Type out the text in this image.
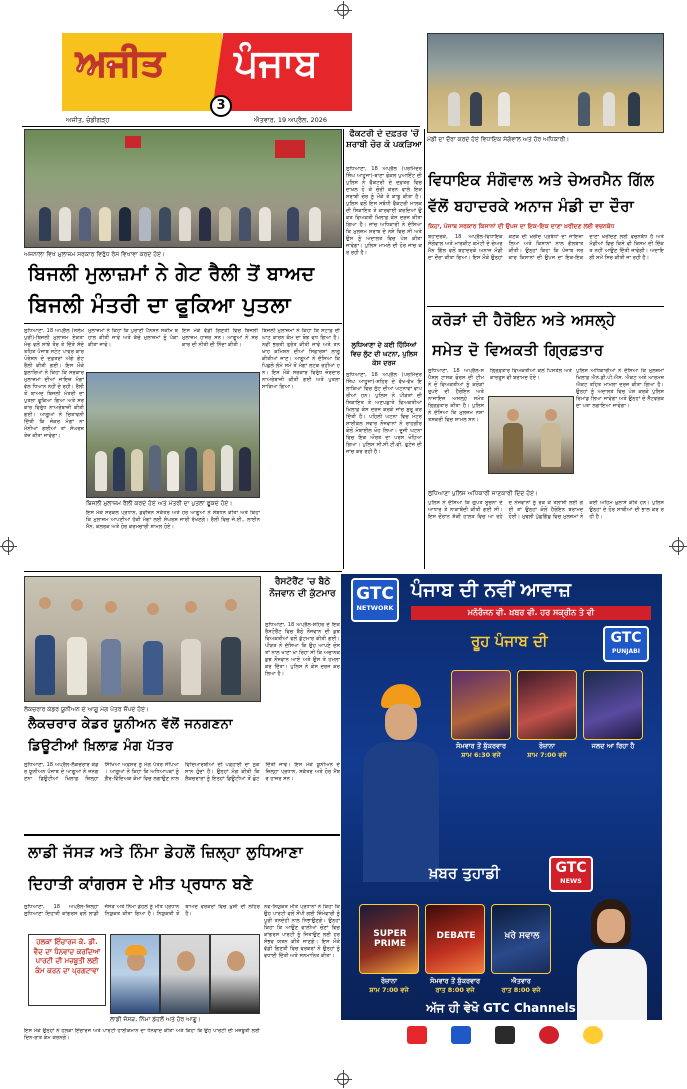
ਅਜੀਤ ਪੰਜਾਬ
3
ਅਜੀਤ, ਚੰਡੀਗੜ੍ਹ	ਐਤਵਾਰ, 19 ਅਪ੍ਰੈਲ, 2026
ਮੰਡੀ ਦਾ ਦੌਰਾ ਕਰਦੇ ਹੋਏ ਵਿਧਾਇਕ ਸੰਗੋਵਾਲ ਅਤੇ ਹੋਰ ਅਧਿਕਾਰੀ।
ਅਜਨਾਲਾ ਵਿਖੇ ਮੁਲਾਜ਼ਮ ਸਰਕਾਰ ਵਿਰੁੱਧ ਰੋਸ ਵਿਖਾਵਾ ਕਰਦੇ ਹੋਏ।
ਫੈਕਟਰੀ ਦੇ ਦਫ਼ਤਰ 'ਚੋਂ ਸ਼ਰਾਬੀ ਚੋਰ ਕੋ ਪਕੜਿਆ
ਲੁਧਿਆਣਾ, 18 ਅਪ੍ਰੈਲ (ਪਰਮਿੰਦਰ ਸਿੰਘ ਆਹੂਜਾ)-ਥਾਣਾ ਫੋਕਲ ਪੁਆਇੰਟ ਦੀ ਪੁਲਿਸ ਨੇ ਫੈਕਟਰੀ ਦੇ ਦਫ਼ਤਰ ਵਿਚ ਦਾਖ਼ਲ ਹੋ ਕੇ ਚੋਰੀ ਕਰਨ ਵਾਲੇ ਇਕ ਸ਼ਰਾਬੀ ਚੋਰ ਨੂੰ ਮੌਕੇ ਤੇ ਕਾਬੂ ਕੀਤਾ ਹੈ। ਪੁਲਿਸ ਵਲੋਂ ਇਸ ਸਬੰਧੀ ਫੈਕਟਰੀ ਮਾਲਕ ਦੀ ਸ਼ਿਕਾਇਤ ਤੇ ਕਾਰਵਾਈ ਕਰਦਿਆਂ ਉਕਤ ਵਿਅਕਤੀ ਖ਼ਿਲਾਫ਼ ਕੇਸ ਦਰਜ ਕੀਤਾ ਗਿਆ ਹੈ। ਜਾਂਚ ਅਧਿਕਾਰੀ ਨੇ ਦੱਸਿਆ ਕਿ ਮੁਲਜ਼ਮ ਸ਼ਰਾਬ ਦੇ ਨਸ਼ੇ ਵਿਚ ਸੀ ਅਤੇ ਉਸ ਨੂੰ ਅਦਾਲਤ ਵਿਚ ਪੇਸ਼ ਕੀਤਾ ਜਾਵੇਗਾ। ਪੁਲਿਸ ਮਾਮਲੇ ਦੀ ਹੋਰ ਜਾਂਚ ਕਰ ਰਹੀ ਹੈ।
ਲੁਧਿਆਣਾ ਦੇ ਕਈ ਹਿੱਸਿਆਂ ਵਿਚ ਲੁੱਟ ਦੀ ਘਟਨਾ, ਪੁਲਿਸ ਕੇਸ ਦਰਜ
ਲੁਧਿਆਣਾ, 18 ਅਪ੍ਰੈਲ (ਪਰਮਿੰਦਰ ਸਿੰਘ ਆਹੂਜਾ)-ਸ਼ਹਿਰ ਦੇ ਵੱਖ-ਵੱਖ ਇਲਾਕਿਆਂ ਵਿਚ ਲੁੱਟ ਦੀਆਂ ਘਟਨਾਵਾਂ ਵਾਪਰੀਆਂ ਹਨ। ਪੁਲਿਸ ਨੇ ਪੀੜਤਾਂ ਦੀ ਸ਼ਿਕਾਇਤ ਤੇ ਅਣਪਛਾਤੇ ਵਿਅਕਤੀਆਂ ਖ਼ਿਲਾਫ਼ ਕੇਸ ਦਰਜ ਕਰਕੇ ਜਾਂਚ ਸ਼ੁਰੂ ਕਰ ਦਿੱਤੀ ਹੈ। ਪਹਿਲੀ ਘਟਨਾ ਵਿਚ ਮੋਟਰਸਾਈਕਲ ਸਵਾਰ ਨੌਜਵਾਨਾਂ ਨੇ ਰਾਹਗੀਰ ਕੋਲੋਂ ਮੋਬਾਈਲ ਖੋਹ ਲਿਆ। ਦੂਜੀ ਘਟਨਾ ਵਿਚ ਇਕ ਔਰਤ ਦਾ ਪਰਸ ਖੋਹਿਆ ਗਿਆ। ਪੁਲਿਸ ਸੀ.ਸੀ.ਟੀ.ਵੀ. ਫੁਟੇਜ ਦੀ ਜਾਂਚ ਕਰ ਰਹੀ ਹੈ।
ਬਿਜਲੀ ਮੁਲਾਜ਼ਮਾਂ ਨੇ ਗੇਟ ਰੈਲੀ ਤੋਂ ਬਾਅਦ
ਬਿਜਲੀ ਮੰਤਰੀ ਦਾ ਫੂਕਿਆ ਪੁਤਲਾ
ਲੁਧਿਆਣਾ, 18 ਅਪ੍ਰੈਲ (ਸਲੇਮਪੁਰੀ)-ਬਿਜਲੀ ਮੁਲਾਜ਼ਮ ਏਕਤਾ ਮੰਚ ਵਲੋਂ ਸਾਂਝੇ ਤੌਰ ਤੇ ਦਿੱਤੇ ਸੱਦੇ ਤਹਿਤ ਪੰਜਾਬ ਸਟੇਟ ਪਾਵਰ ਕਾਰਪੋਰੇਸ਼ਨ ਦੇ ਦਫ਼ਤਰਾਂ ਅੱਗੇ ਗੇਟ ਰੈਲੀ ਕੀਤੀ ਗਈ। ਇਸ ਮੌਕੇ ਬੁਲਾਰਿਆਂ ਨੇ ਕਿਹਾ ਕਿ ਸਰਕਾਰ ਮੁਲਾਜ਼ਮਾਂ ਦੀਆਂ ਜਾਇਜ਼ ਮੰਗਾਂ ਵੱਲ ਧਿਆਨ ਨਹੀਂ ਦੇ ਰਹੀ। ਰੈਲੀ ਤੋਂ ਬਾਅਦ ਬਿਜਲੀ ਮੰਤਰੀ ਦਾ ਪੁਤਲਾ ਫੂਕਿਆ ਗਿਆ ਅਤੇ ਸਰਕਾਰ ਵਿਰੁੱਧ ਨਾਅਰੇਬਾਜ਼ੀ ਕੀਤੀ ਗਈ। ਆਗੂਆਂ ਨੇ ਚਿਤਾਵਨੀ ਦਿੱਤੀ ਕਿ ਜੇਕਰ ਮੰਗਾਂ ਨਾ ਮੰਨੀਆਂ ਗਈਆਂ ਤਾਂ ਸੰਘਰਸ਼ ਤੇਜ਼ ਕੀਤਾ ਜਾਵੇਗਾ।
ਮੁਲਾਜ਼ਮਾਂ ਨੇ ਕਿਹਾ ਕਿ ਪੁਰਾਣੀ ਪੈਨਸ਼ਨ ਸਕੀਮ ਬਹਾਲ ਕੀਤੀ ਜਾਵੇ ਅਤੇ ਕੱਚੇ ਮੁਲਾਜ਼ਮਾਂ ਨੂੰ ਪੱਕਾ ਕੀਤਾ ਜਾਵੇ।
ਇਸ ਮੌਕੇ ਵੱਡੀ ਗਿਣਤੀ ਵਿਚ ਬਿਜਲੀ ਮੁਲਾਜ਼ਮ ਹਾਜ਼ਰ ਸਨ। ਆਗੂਆਂ ਨੇ ਸਰਕਾਰ ਦੀ ਨੀਤੀ ਦੀ ਨਿੰਦਾ ਕੀਤੀ।
ਬਿਜਲੀ ਮੁਲਾਜ਼ਮਾਂ ਨੇ ਕਿਹਾ ਕਿ ਸਟਾਫ਼ ਦੀ ਘਾਟ ਕਾਰਨ ਕੰਮ ਦਾ ਬੋਝ ਵਧ ਗਿਆ ਹੈ। ਨਵੀਂ ਭਰਤੀ ਤੁਰੰਤ ਕੀਤੀ ਜਾਵੇ ਅਤੇ ਤਨਖ਼ਾਹ ਕਮਿਸ਼ਨ ਦੀਆਂ ਸਿਫ਼ਾਰਸ਼ਾਂ ਲਾਗੂ ਕੀਤੀਆਂ ਜਾਣ। ਆਗੂਆਂ ਨੇ ਦੱਸਿਆ ਕਿ ਪਿਛਲੇ ਲੰਮੇ ਸਮੇਂ ਤੋਂ ਮੰਗਾਂ ਲਟਕ ਰਹੀਆਂ ਹਨ। ਇਸ ਮੌਕੇ ਸਰਕਾਰ ਵਿਰੁੱਧ ਜ਼ੋਰਦਾਰ ਨਾਅਰੇਬਾਜ਼ੀ ਕੀਤੀ ਗਈ ਅਤੇ ਪੁਤਲਾ ਸਾੜਿਆ ਗਿਆ।
ਬਿਜਲੀ ਮੁਲਾਜ਼ਮ ਰੈਲੀ ਕਰਦੇ ਹੋਏ ਅਤੇ ਮੰਤਰੀ ਦਾ ਪੁਤਲਾ ਫੂਕਦੇ ਹੋਏ।
ਇਸ ਮੌਕੇ ਸਰਕਲ ਪ੍ਰਧਾਨ, ਡਵੀਜ਼ਨ ਸਕੱਤਰ ਅਤੇ ਹੋਰ ਆਗੂਆਂ ਨੇ ਸੰਬੋਧਨ ਕੀਤਾ ਅਤੇ ਕਿਹਾ ਕਿ ਮੁਲਾਜ਼ਮ ਆਪਣੀਆਂ ਹੱਕੀ ਮੰਗਾਂ ਲਈ ਸੰਘਰਸ਼ ਜਾਰੀ ਰੱਖਣਗੇ। ਰੈਲੀ ਵਿਚ ਜੇ.ਈ., ਲਾਈਨਮੈਨ, ਕਲਰਕ ਅਤੇ ਹੋਰ ਕਰਮਚਾਰੀ ਸ਼ਾਮਲ ਹੋਏ।
ਵਿਧਾਇਕ ਸੰਗੋਵਾਲ ਅਤੇ ਚੇਅਰਮੈਨ ਗਿੱਲ
ਵੱਲੋਂ ਬਹਾਦਰਕੇ ਅਨਾਜ ਮੰਡੀ ਦਾ ਦੌਰਾ
ਕਿਹਾ, ਪੰਜਾਬ ਸਰਕਾਰ ਕਿਸਾਨਾਂ ਦੀ ਉਪਜ ਦਾ ਇਕ-ਇਕ ਦਾਣਾ ਖ਼ਰੀਦਣ ਲਈ ਵਚਨਬੱਧ
ਬਹਾਦਰਕੇ, 18 ਅਪ੍ਰੈਲ-ਵਿਧਾਇਕ ਸੰਗੋਵਾਲ ਅਤੇ ਮਾਰਕੀਟ ਕਮੇਟੀ ਦੇ ਚੇਅਰਮੈਨ ਗਿੱਲ ਵਲੋਂ ਬਹਾਦਰਕੇ ਅਨਾਜ ਮੰਡੀ ਦਾ ਦੌਰਾ ਕੀਤਾ ਗਿਆ। ਇਸ ਮੌਕੇ ਉਨ੍ਹਾਂ ਕਣਕ ਦੀ ਖ਼ਰੀਦ ਪ੍ਰਬੰਧਾਂ ਦਾ ਜਾਇਜ਼ਾ ਲਿਆ ਅਤੇ ਕਿਸਾਨਾਂ ਨਾਲ ਗੱਲਬਾਤ ਕੀਤੀ। ਉਨ੍ਹਾਂ ਕਿਹਾ ਕਿ ਪੰਜਾਬ ਸਰਕਾਰ ਕਿਸਾਨਾਂ ਦੀ ਉਪਜ ਦਾ ਇਕ-ਇਕ ਦਾਣਾ ਖ਼ਰੀਦਣ ਲਈ ਵਚਨਬੱਧ ਹੈ ਅਤੇ ਮੰਡੀਆਂ ਵਿਚ ਕਿਸੇ ਵੀ ਕਿਸਮ ਦੀ ਦਿੱਕਤ ਨਹੀਂ ਆਉਣ ਦਿੱਤੀ ਜਾਵੇਗੀ। ਅਦਾਇਗੀ ਸਮੇਂ ਸਿਰ ਕੀਤੀ ਜਾ ਰਹੀ ਹੈ।
ਕਰੋੜਾਂ ਦੀ ਹੈਰੋਇਨ ਅਤੇ ਅਸਲ੍ਹੇ
ਸਮੇਤ ਦੋ ਵਿਅਕਤੀ ਗ੍ਰਿਫ਼ਤਾਰ
ਲੁਧਿਆਣਾ, 18 ਅਪ੍ਰੈਲ-ਸਪੈਸ਼ਲ ਟਾਸਕ ਫੋਰਸ ਦੀ ਟੀਮ ਨੇ ਦੋ ਵਿਅਕਤੀਆਂ ਨੂੰ ਕਰੋੜਾਂ ਰੁਪਏ ਦੀ ਹੈਰੋਇਨ ਅਤੇ ਨਾਜਾਇਜ਼ ਅਸਲ੍ਹੇ ਸਮੇਤ ਗ੍ਰਿਫ਼ਤਾਰ ਕੀਤਾ ਹੈ। ਪੁਲਿਸ ਨੇ ਦੱਸਿਆ ਕਿ ਮੁਲਜ਼ਮ ਨਸ਼ਾ ਤਸਕਰੀ ਵਿਚ ਸ਼ਾਮਲ ਸਨ।
ਗ੍ਰਿਫ਼ਤਾਰ ਵਿਅਕਤੀਆਂ ਕੋਲੋਂ ਪਿਸਤੌਲ ਅਤੇ ਕਾਰਤੂਸ ਵੀ ਬਰਾਮਦ ਹੋਏ।
ਪੁਲਿਸ ਅਧਿਕਾਰੀਆਂ ਨੇ ਦੱਸਿਆ ਕਿ ਮੁਲਜ਼ਮਾਂ ਖ਼ਿਲਾਫ਼ ਐਨ.ਡੀ.ਪੀ.ਐਸ. ਐਕਟ ਅਤੇ ਆਰਮਜ਼ ਐਕਟ ਤਹਿਤ ਮਾਮਲਾ ਦਰਜ ਕੀਤਾ ਗਿਆ ਹੈ। ਉਨ੍ਹਾਂ ਨੂੰ ਅਦਾਲਤ ਵਿਚ ਪੇਸ਼ ਕਰਕੇ ਪੁਲਿਸ ਰਿਮਾਂਡ ਲਿਆ ਜਾਵੇਗਾ ਅਤੇ ਉਨ੍ਹਾਂ ਦੇ ਨੈੱਟਵਰਕ ਦਾ ਪਤਾ ਲਗਾਇਆ ਜਾਵੇਗਾ।
ਲੁਧਿਆਣਾ ਪੁਲਿਸ ਅਧਿਕਾਰੀ ਜਾਣਕਾਰੀ ਦਿੰਦੇ ਹੋਏ।
ਪੁਲਿਸ ਨੇ ਦੱਸਿਆ ਕਿ ਗੁਪਤ ਸੂਚਨਾ ਦੇ ਆਧਾਰ ਤੇ ਨਾਕਾਬੰਦੀ ਕੀਤੀ ਗਈ ਸੀ। ਇਸ ਦੌਰਾਨ ਸ਼ੱਕੀ ਹਾਲਤ ਵਿਚ ਆ ਰਹੇ ਦੋ ਨੌਜਵਾਨਾਂ ਨੂੰ ਰੋਕ ਕੇ ਤਲਾਸ਼ੀ ਲਈ ਗਈ ਤਾਂ ਉਨ੍ਹਾਂ ਕੋਲੋਂ ਹੈਰੋਇਨ ਬਰਾਮਦ ਹੋਈ। ਮੁਢਲੀ ਪੁੱਛਗਿੱਛ ਵਿਚ ਮੁਲਜ਼ਮਾਂ ਨੇ ਕਈ ਅਹਿਮ ਖ਼ੁਲਾਸੇ ਕੀਤੇ ਹਨ। ਪੁਲਿਸ ਉਨ੍ਹਾਂ ਦੇ ਹੋਰ ਸਾਥੀਆਂ ਦੀ ਭਾਲ ਕਰ ਰਹੀ ਹੈ।
ਲੈਕਚਰਾਰ ਕੇਡਰ ਯੂਨੀਅਨ ਦੇ ਆਗੂ ਮੰਗ ਪੱਤਰ ਸੌਂਪਦੇ ਹੋਏ।
ਰੈਸਟੋਰੈਂਟ 'ਚ ਬੈਠੇ ਨੌਜਵਾਨ ਦੀ ਕੁੱਟਮਾਰ
ਲੁਧਿਆਣਾ, 18 ਅਪ੍ਰੈਲ-ਸ਼ਹਿਰ ਦੇ ਇਕ ਰੈਸਟੋਰੈਂਟ ਵਿਚ ਬੈਠੇ ਨੌਜਵਾਨ ਦੀ ਕੁਝ ਵਿਅਕਤੀਆਂ ਵਲੋਂ ਕੁੱਟਮਾਰ ਕੀਤੀ ਗਈ। ਪੀੜਤ ਨੇ ਦੱਸਿਆ ਕਿ ਉਹ ਆਪਣੇ ਦੋਸਤਾਂ ਨਾਲ ਖਾਣਾ ਖਾ ਰਿਹਾ ਸੀ ਕਿ ਅਚਾਨਕ ਕੁਝ ਨੌਜਵਾਨ ਆਏ ਅਤੇ ਉਸ ਤੇ ਹਮਲਾ ਕਰ ਦਿੱਤਾ। ਪੁਲਿਸ ਨੇ ਕੇਸ ਦਰਜ ਕਰ ਲਿਆ ਹੈ।
ਲੈਕਚਰਾਰ ਕੇਡਰ ਯੂਨੀਅਨ ਵੱਲੋਂ ਜਨਗਣਨਾ
ਡਿਊਟੀਆਂ ਖ਼ਿਲਾਫ਼ ਮੰਗ ਪੱਤਰ
ਲੁਧਿਆਣਾ, 18 ਅਪ੍ਰੈਲ-ਲੈਕਚਰਾਰ ਕੇਡਰ ਯੂਨੀਅਨ ਪੰਜਾਬ ਦੇ ਆਗੂਆਂ ਨੇ ਜਨਗਣਨਾ ਡਿਊਟੀਆਂ ਖ਼ਿਲਾਫ਼ ਜ਼ਿਲ੍ਹਾ ਸਿੱਖਿਆ ਅਫ਼ਸਰ ਨੂੰ ਮੰਗ ਪੱਤਰ ਸੌਂਪਿਆ। ਆਗੂਆਂ ਨੇ ਕਿਹਾ ਕਿ ਅਧਿਆਪਕਾਂ ਨੂੰ ਗ਼ੈਰ-ਵਿੱਦਿਅਕ ਕੰਮਾਂ ਵਿਚ ਲਗਾਉਣ ਨਾਲ ਵਿਦਿਆਰਥੀਆਂ ਦੀ ਪੜ੍ਹਾਈ ਦਾ ਨੁਕਸਾਨ ਹੁੰਦਾ ਹੈ। ਉਨ੍ਹਾਂ ਮੰਗ ਕੀਤੀ ਕਿ ਲੈਕਚਰਾਰਾਂ ਨੂੰ ਇਨ੍ਹਾਂ ਡਿਊਟੀਆਂ ਤੋਂ ਛੋਟ ਦਿੱਤੀ ਜਾਵੇ। ਇਸ ਮੌਕੇ ਯੂਨੀਅਨ ਦੇ ਜ਼ਿਲ੍ਹਾ ਪ੍ਰਧਾਨ, ਸਕੱਤਰ ਅਤੇ ਹੋਰ ਮੈਂਬਰ ਹਾਜ਼ਰ ਸਨ।
ਲਾਡੀ ਜੱਸੜ ਅਤੇ ਨਿੰਮਾ ਡੇਹਲੋਂ ਜ਼ਿਲ੍ਹਾ ਲੁਧਿਆਣਾ
ਦਿਹਾਤੀ ਕਾਂਗਰਸ ਦੇ ਮੀਤ ਪ੍ਰਧਾਨ ਬਣੇ
ਲੁਧਿਆਣਾ, 18 ਅਪ੍ਰੈਲ-ਜ਼ਿਲ੍ਹਾ ਲੁਧਿਆਣਾ ਦਿਹਾਤੀ ਕਾਂਗਰਸ ਵਲੋਂ ਲਾਡੀ ਜੱਸੜ ਅਤੇ ਨਿੰਮਾ ਡੇਹਲੋਂ ਨੂੰ ਮੀਤ ਪ੍ਰਧਾਨ ਨਿਯੁਕਤ ਕੀਤਾ ਗਿਆ ਹੈ। ਨਿਯੁਕਤੀ ਤੋਂ ਬਾਅਦ ਵਰਕਰਾਂ ਵਿਚ ਖ਼ੁਸ਼ੀ ਦੀ ਲਹਿਰ ਹੈ।
ਹਲਕਾ ਇੰਚਾਰਜ ਕੇ. ਡੀ. ਵੈਦ ਦਾ ਧੰਨਵਾਦ ਕਰਦਿਆਂ ਪਾਰਟੀ ਦੀ ਮਜ਼ਬੂਤੀ ਲਈ ਕੰਮ ਕਰਨ ਦਾ ਪ੍ਰਗਟਾਵਾ
ਲਾਡੀ ਜੱਸੜ, ਨਿੰਮਾ ਡੇਹਲੋਂ ਅਤੇ ਹੋਰ ਆਗੂ।
ਇਸ ਮੌਕੇ ਉਨ੍ਹਾਂ ਨੇ ਹਲਕਾ ਇੰਚਾਰਜ ਅਤੇ ਪਾਰਟੀ ਹਾਈਕਮਾਨ ਦਾ ਧੰਨਵਾਦ ਕੀਤਾ ਅਤੇ ਕਿਹਾ ਕਿ ਉਹ ਪਾਰਟੀ ਦੀ ਮਜ਼ਬੂਤੀ ਲਈ ਦਿਨ-ਰਾਤ ਕੰਮ ਕਰਨਗੇ।
ਨਵ-ਨਿਯੁਕਤ ਮੀਤ ਪ੍ਰਧਾਨਾਂ ਨੇ ਕਿਹਾ ਕਿ ਉਹ ਪਾਰਟੀ ਵਲੋਂ ਸੌਂਪੀ ਗਈ ਜ਼ਿੰਮੇਵਾਰੀ ਨੂੰ ਪੂਰੀ ਤਨਦੇਹੀ ਨਾਲ ਨਿਭਾਉਣਗੇ। ਉਨ੍ਹਾਂ ਕਿਹਾ ਕਿ ਆਉਣ ਵਾਲੀਆਂ ਚੋਣਾਂ ਵਿਚ ਕਾਂਗਰਸ ਪਾਰਟੀ ਨੂੰ ਜਿਤਾਉਣ ਲਈ ਹਰ ਸੰਭਵ ਯਤਨ ਕੀਤੇ ਜਾਣਗੇ। ਇਸ ਮੌਕੇ ਵੱਡੀ ਗਿਣਤੀ ਵਿਚ ਵਰਕਰਾਂ ਨੇ ਉਨ੍ਹਾਂ ਨੂੰ ਵਧਾਈ ਦਿੱਤੀ ਅਤੇ ਸਨਮਾਨਿਤ ਕੀਤਾ।
GTC
NETWORK
ਪੰਜਾਬ ਦੀ ਨਵੀਂ ਆਵਾਜ਼
ਮਨੋਰੰਜਨ ਵੀ. ਖ਼ਬਰ ਵੀ. ਹਰ ਸਕ੍ਰੀਨ ਤੇ ਵੀ
ਰੂਹ ਪੰਜਾਬ ਦੀ	GTC
PUNJABI
ਸੋਮਵਾਰ ਤੋਂ ਸ਼ੁੱਕਰਵਾਰ
ਸ਼ਾਮ 6:30 ਵਜੇ
ਰੋਜ਼ਾਨਾ
ਸ਼ਾਮ 7:00 ਵਜੇ
ਜਲਦ ਆ ਰਿਹਾ ਹੈ
ਖ਼ਬਰ ਤੁਹਾਡੀ	GTC
NEWS
SUPER PRIME
DEBATE	ਖ਼ਰੇ ਸਵਾਲ
ਰੋਜ਼ਾਨਾ
ਸ਼ਾਮ 7:00 ਵਜੇ
ਸੋਮਵਾਰ ਤੋਂ ਸ਼ੁੱਕਰਵਾਰ
ਰਾਤ 8:00 ਵਜੇ
ਐਤਵਾਰ
ਰਾਤ 8:00 ਵਜੇ
ਅੱਜ ਹੀ ਵੇਖੋ GTC Channels
